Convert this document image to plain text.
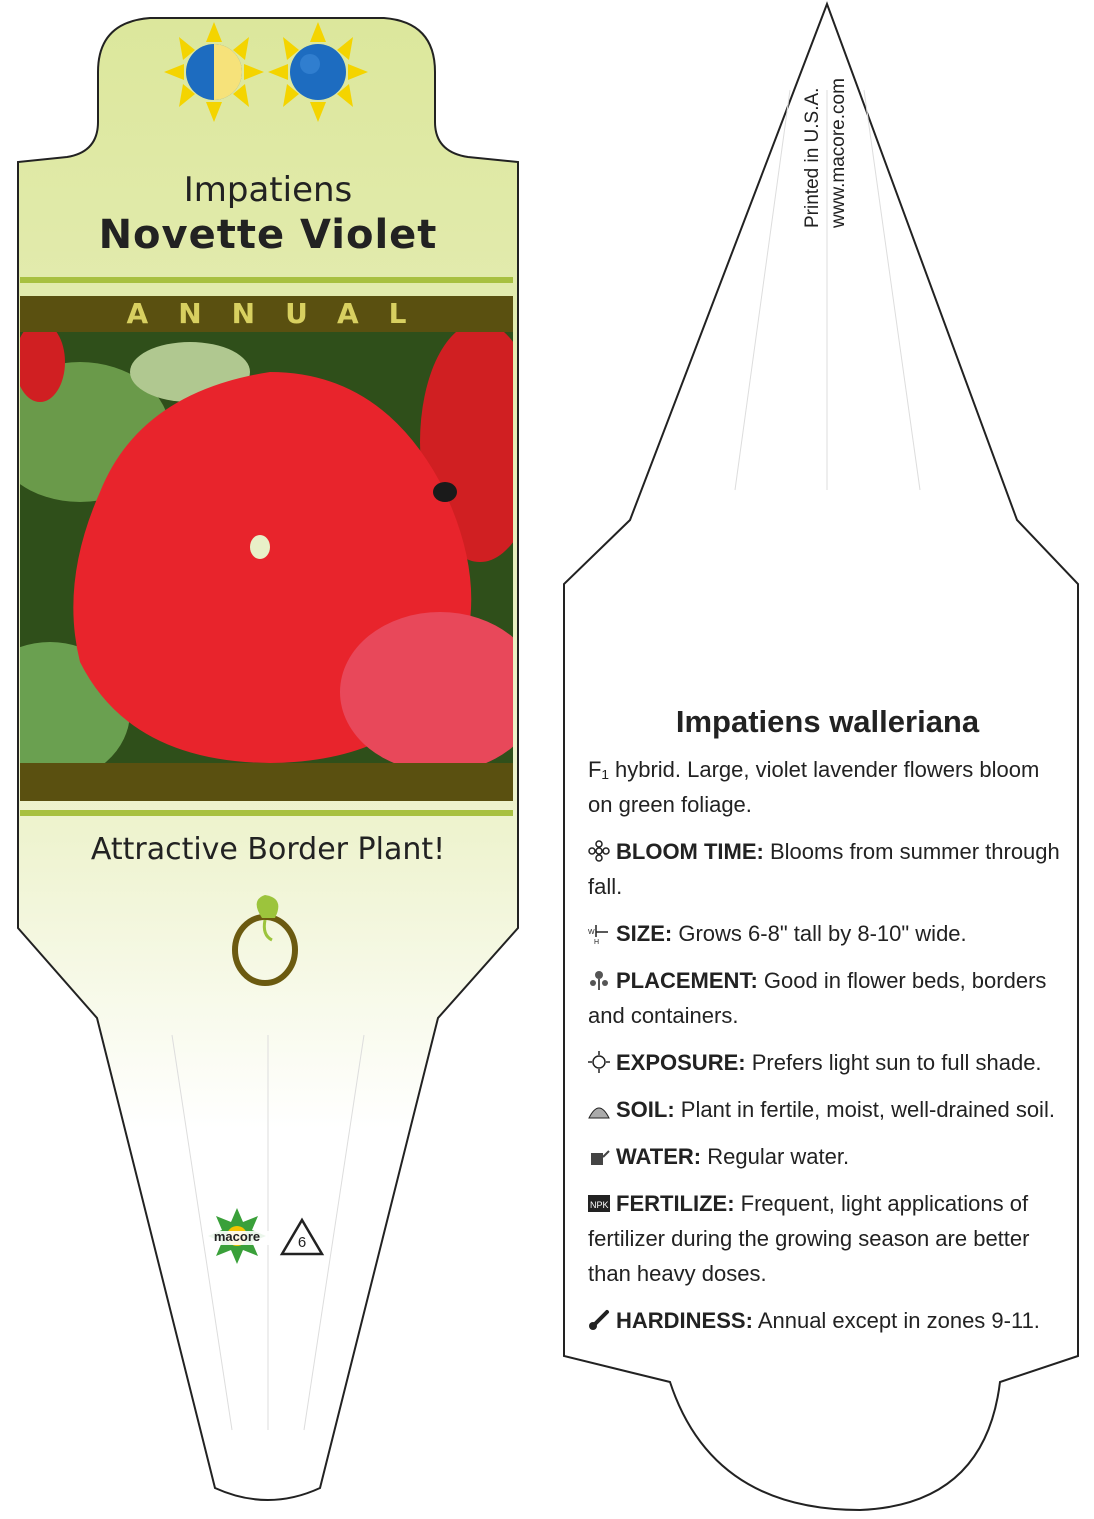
macore	6
Impatiens
Novette Violet
ANNUAL
Attractive Border Plant!
Printed in U.S.A. www.macore.com
Impatiens walleriana

F₁ hybrid. Large, violet lavender flowers bloom on green foliage.

BLOOM TIME: Blooms from summer through fall.

W
H SIZE: Grows 6-8" tall by 8-10" wide.

PLACEMENT: Good in flower beds, borders and containers.

EXPOSURE: Prefers light sun to full shade.

SOIL: Plant in fertile, moist, well-drained soil.

WATER: Regular water.

NPK FERTILIZE: Frequent, light applications of fertilizer during the growing season are better than heavy doses.

HARDINESS: Annual except in zones 9-11.
